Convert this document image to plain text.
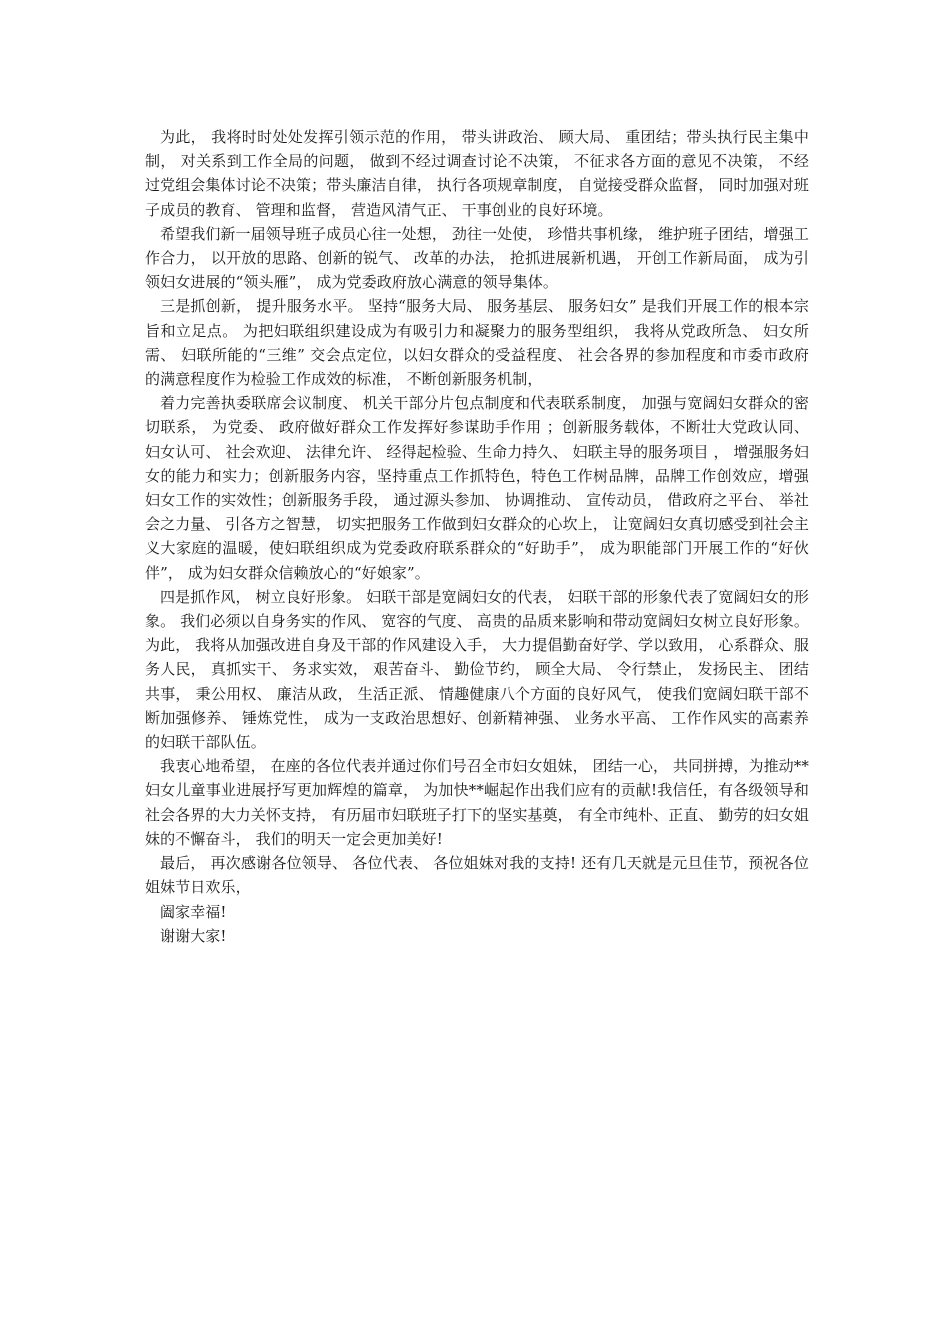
为此， 我将时时处处发挥引领示范的作用， 带头讲政治、 顾大局、 重团结；带头执行民主集中制， 对关系到工作全局的问题， 做到不经过调查讨论不决策， 不征求各方面的意见不决策， 不经过党组会集体讨论不决策；带头廉洁自律， 执行各项规章制度， 自觉接受群众监督， 同时加强对班子成员的教育、 管理和监督， 营造风清气正、 干事创业的良好环境。

希望我们新一届领导班子成员心往一处想， 劲往一处使， 珍惜共事机缘， 维护班子团结，增强工作合力， 以开放的思路、创新的锐气、 改革的办法， 抢抓进展新机遇， 开创工作新局面， 成为引领妇女进展的“领头雁”， 成为党委政府放心满意的领导集体。

三是抓创新， 提升服务水平。 坚持“服务大局、 服务基层、 服务妇女” 是我们开展工作的根本宗旨和立足点。 为把妇联组织建设成为有吸引力和凝聚力的服务型组织， 我将从党政所急、 妇女所需、 妇联所能的“三维” 交会点定位，以妇女群众的受益程度、 社会各界的参加程度和市委市政府的满意程度作为检验工作成效的标准， 不断创新服务机制，

着力完善执委联席会议制度、 机关干部分片包点制度和代表联系制度， 加强与宽阔妇女群众的密切联系， 为党委、 政府做好群众工作发挥好参谋助手作用 ；创新服务载体，不断壮大党政认同、 妇女认可、 社会欢迎、 法律允许、 经得起检验、生命力持久、 妇联主导的服务项目 ， 增强服务妇女的能力和实力；创新服务内容，坚持重点工作抓特色，特色工作树品牌，品牌工作创效应，增强妇女工作的实效性；创新服务手段， 通过源头参加、 协调推动、 宣传动员， 借政府之平台、 举社会之力量、 引各方之智慧， 切实把服务工作做到妇女群众的心坎上， 让宽阔妇女真切感受到社会主义大家庭的温暖，使妇联组织成为党委政府联系群众的“好助手”， 成为职能部门开展工作的“好伙伴”， 成为妇女群众信赖放心的“好娘家”。

四是抓作风， 树立良好形象。 妇联干部是宽阔妇女的代表， 妇联干部的形象代表了宽阔妇女的形象。 我们必须以自身务实的作风、 宽容的气度、 高贵的品质来影响和带动宽阔妇女树立良好形象。 为此， 我将从加强改进自身及干部的作风建设入手， 大力提倡勤奋好学、学以致用， 心系群众、服务人民， 真抓实干、 务求实效， 艰苦奋斗、 勤俭节约， 顾全大局、 令行禁止， 发扬民主、 团结共事， 秉公用权、 廉洁从政， 生活正派、 情趣健康八个方面的良好风气， 使我们宽阔妇联干部不断加强修养、 锤炼党性， 成为一支政治思想好、创新精神强、 业务水平高、 工作作风实的高素养的妇联干部队伍。

我衷心地希望， 在座的各位代表并通过你们号召全市妇女姐妹， 团结一心， 共同拼搏，为推动**妇女儿童事业进展抒写更加辉煌的篇章， 为加快**崛起作出我们应有的贡献!我信任，有各级领导和社会各界的大力关怀支持， 有历届市妇联班子打下的坚实基奠， 有全市纯朴、正直、 勤劳的妇女姐妹的不懈奋斗， 我们的明天一定会更加美好!

最后， 再次感谢各位领导、 各位代表、 各位姐妹对我的支持! 还有几天就是元旦佳节，预祝各位姐妹节日欢乐，

阖家幸福!

谢谢大家!
